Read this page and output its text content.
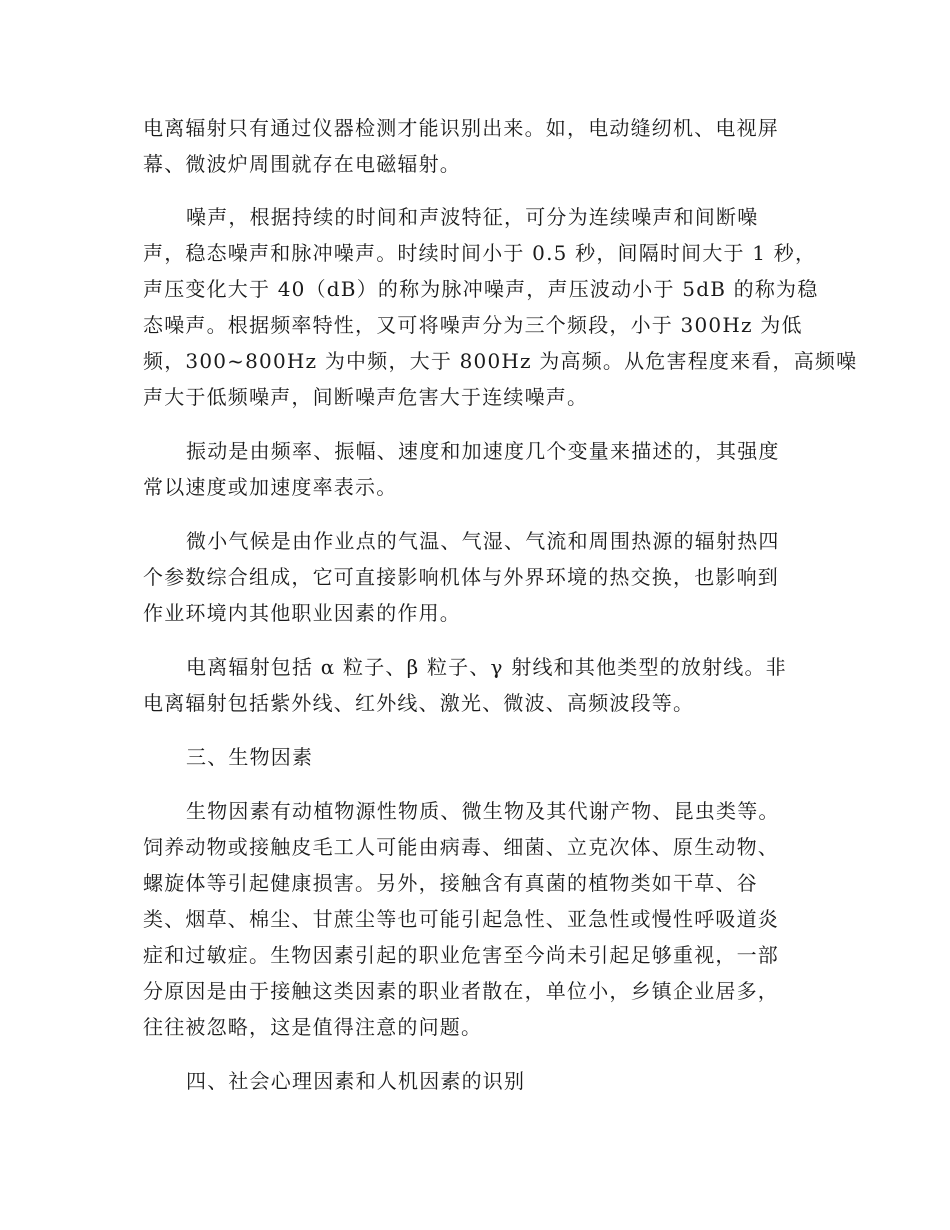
电离辐射只有通过仪器检测才能识别出来。如，电动缝纫机、电视屏
幕、微波炉周围就存在电磁辐射。
噪声，根据持续的时间和声波特征，可分为连续噪声和间断噪
声，稳态噪声和脉冲噪声。时续时间小于 0.5 秒，间隔时间大于 1 秒，
声压变化大于 40（dB）的称为脉冲噪声，声压波动小于 5dB 的称为稳
态噪声。根据频率特性，又可将噪声分为三个频段，小于 300Hz 为低
频，300~800Hz 为中频，大于 800Hz 为高频。从危害程度来看，高频噪
声大于低频噪声，间断噪声危害大于连续噪声。
振动是由频率、振幅、速度和加速度几个变量来描述的，其强度
常以速度或加速度率表示。
微小气候是由作业点的气温、气湿、气流和周围热源的辐射热四
个参数综合组成，它可直接影响机体与外界环境的热交换，也影响到
作业环境内其他职业因素的作用。
电离辐射包括 α 粒子、β 粒子、γ 射线和其他类型的放射线。非
电离辐射包括紫外线、红外线、激光、微波、高频波段等。
三、生物因素
生物因素有动植物源性物质、微生物及其代谢产物、昆虫类等。
饲养动物或接触皮毛工人可能由病毒、细菌、立克次体、原生动物、
螺旋体等引起健康损害。另外，接触含有真菌的植物类如干草、谷
类、烟草、棉尘、甘蔗尘等也可能引起急性、亚急性或慢性呼吸道炎
症和过敏症。生物因素引起的职业危害至今尚未引起足够重视，一部
分原因是由于接触这类因素的职业者散在，单位小，乡镇企业居多，
往往被忽略，这是值得注意的问题。
四、社会心理因素和人机因素的识别
